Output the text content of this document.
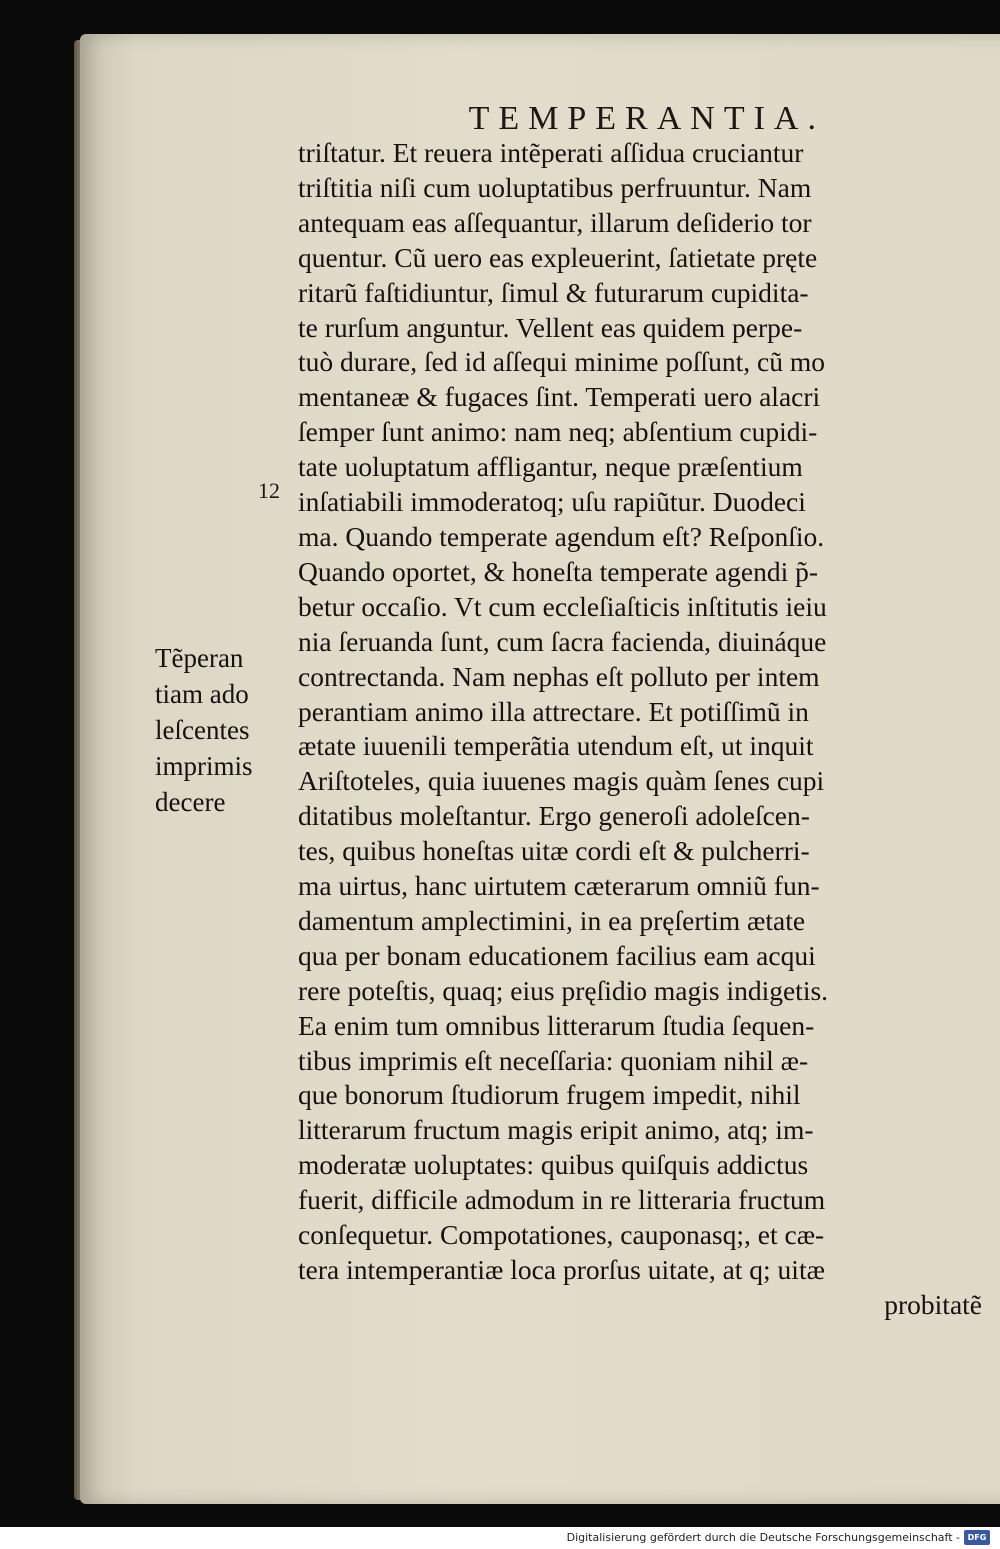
TEMPERANTIA.
12
Tẽperan
tiam ado
leſcentes
imprimis
decere
triſtatur. Et reuera intẽperati aſſidua cruciantur
triſtitia niſi cum uoluptatibus perfruuntur. Nam
antequam eas aſſequantur, illarum deſiderio tor
quentur. Cũ uero eas expleuerint, ſatietate pręte
ritarũ faſtidiuntur, ſimul & futurarum cupidita-
te rurſum anguntur. Vellent eas quidem perpe-
tuò durare, ſed id aſſequi minime poſſunt, cũ mo
mentaneæ & fugaces ſint. Temperati uero alacri
ſemper ſunt animo: nam neq; abſentium cupidi-
tate uoluptatum affligantur, neque præſentium
inſatiabili immoderatoq; uſu rapiũtur. Duodeci
ma. Quando temperate agendum eſt? Reſponſio.
Quando oportet, & honeſta temperate agendi p̃-
betur occaſio. Vt cum eccleſiaſticis inſtitutis ieiu
nia ſeruanda ſunt, cum ſacra facienda, diuináque
contrectanda. Nam nephas eſt polluto per intem
perantiam animo illa attrectare. Et potiſſimũ in
ætate iuuenili temperãtia utendum eſt, ut inquit
Ariſtoteles, quia iuuenes magis quàm ſenes cupi
ditatibus moleſtantur. Ergo generoſi adoleſcen-
tes, quibus honeſtas uitæ cordi eſt & pulcherri-
ma uirtus, hanc uirtutem cæterarum omniũ fun-
damentum amplectimini, in ea pręſertim ætate
qua per bonam educationem facilius eam acqui
rere poteſtis, quaq; eius pręſidio magis indigetis.
Ea enim tum omnibus litterarum ſtudia ſequen-
tibus imprimis eſt neceſſaria: quoniam nihil æ-
que bonorum ſtudiorum frugem impedit, nihil
litterarum fructum magis eripit animo, atq; im-
moderatæ uoluptates: quibus quiſquis addictus
fuerit, difficile admodum in re litteraria fructum
conſequetur. Compotationes, cauponasq;, et cæ-
tera intemperantiæ loca prorſus uitate, at q; uitæ
probitatẽ
Digitalisierung gefördert durch die Deutsche Forschungsgemeinschaft - DFG
